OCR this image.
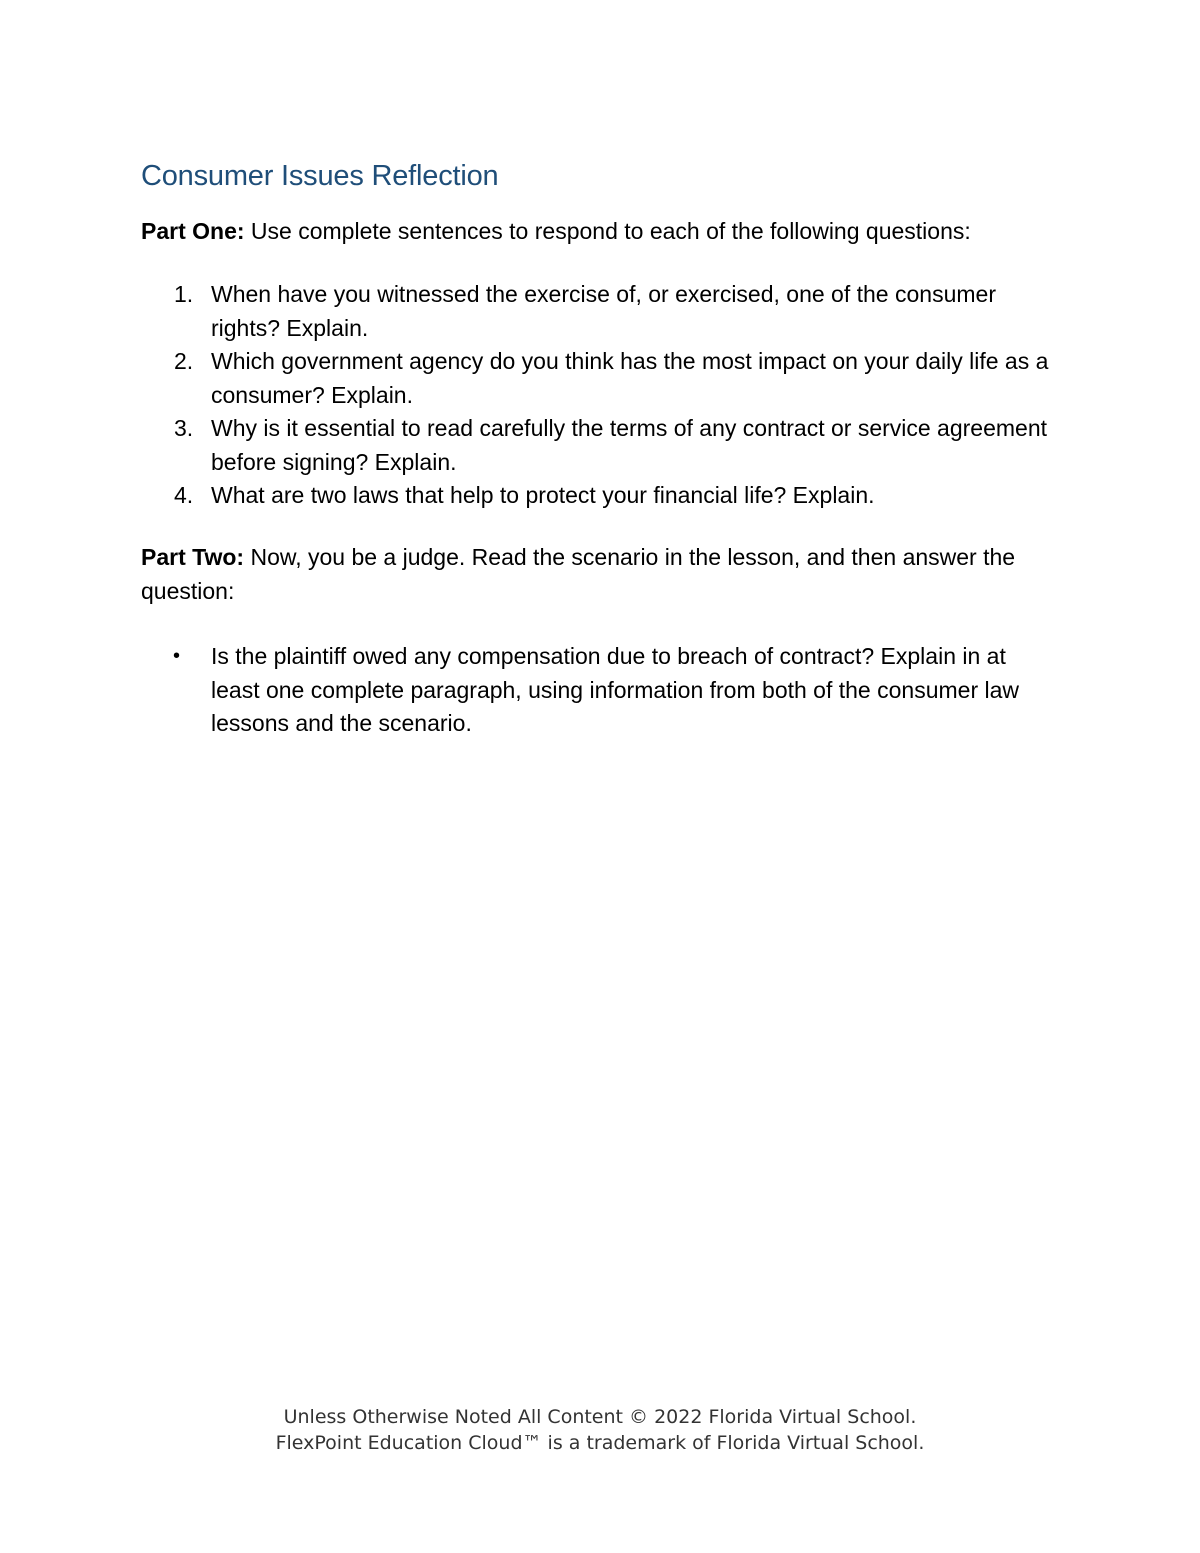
Consumer Issues Reflection

Part One: Use complete sentences to respond to each of the following questions:

1. When have you witnessed the exercise of, or exercised, one of the consumer rights? Explain.
2. Which government agency do you think has the most impact on your daily life as a consumer? Explain.
3. Why is it essential to read carefully the terms of any contract or service agreement before signing? Explain.
4. What are two laws that help to protect your financial life? Explain.

Part Two: Now, you be a judge. Read the scenario in the lesson, and then answer the question:

• Is the plaintiff owed any compensation due to breach of contract? Explain in at least one complete paragraph, using information from both of the consumer law lessons and the scenario.
Unless Otherwise Noted All Content © 2022 Florida Virtual School.
FlexPoint Education Cloud™ is a trademark of Florida Virtual School.
